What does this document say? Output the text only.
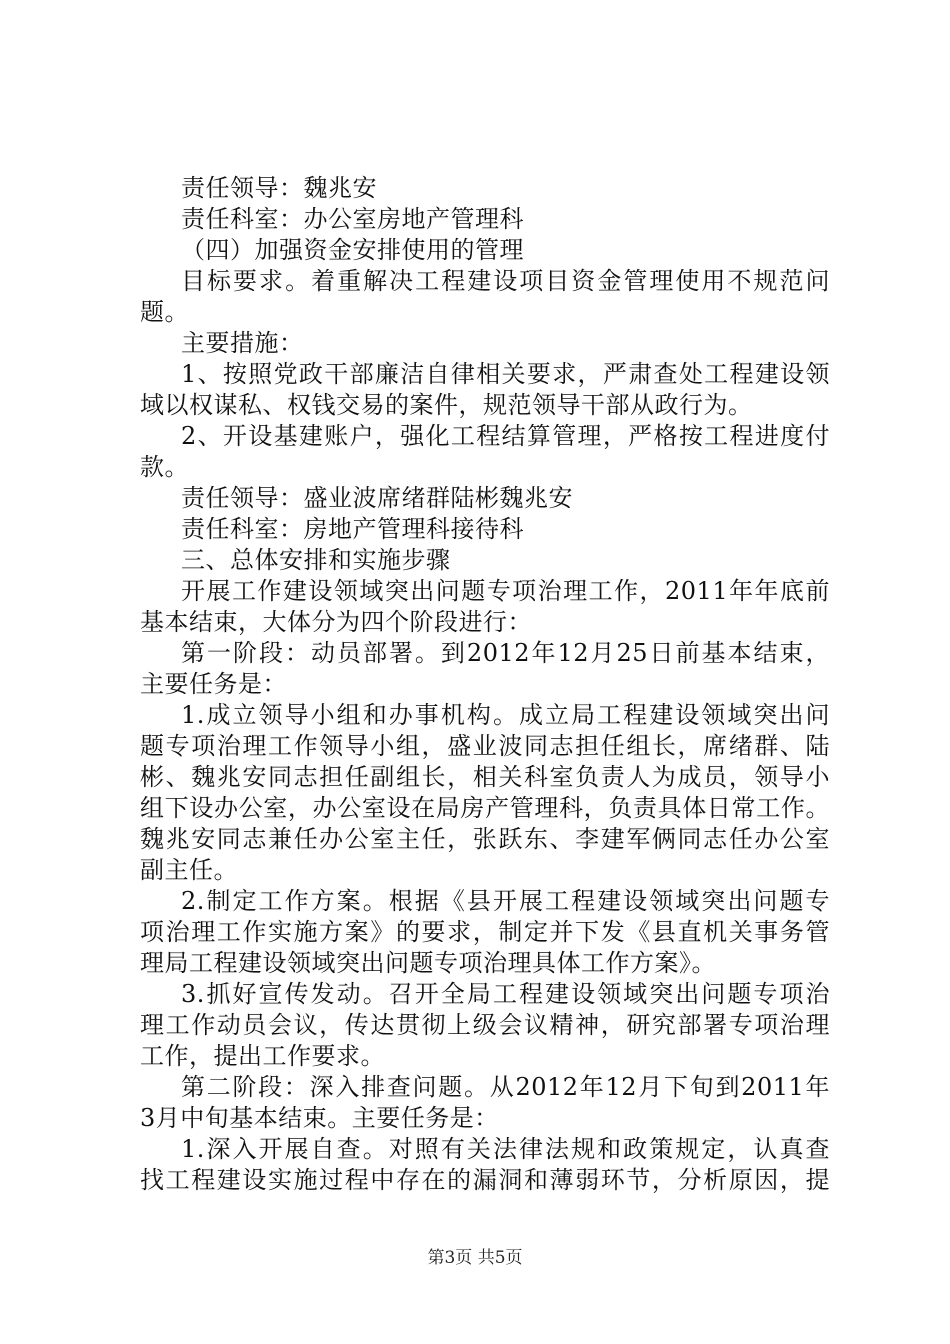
责任领导：魏兆安
责任科室：办公室房地产管理科
（四）加强资金安排使用的管理
目标要求。着重解决工程建设项目资金管理使用不规范问
题。
主要措施：
1、按照党政干部廉洁自律相关要求，严肃查处工程建设领
域以权谋私、权钱交易的案件，规范领导干部从政行为。
2、开设基建账户，强化工程结算管理，严格按工程进度付
款。
责任领导：盛业波席绪群陆彬魏兆安
责任科室：房地产管理科接待科
三、总体安排和实施步骤
开展工作建设领域突出问题专项治理工作，2011年年底前
基本结束，大体分为四个阶段进行：
第一阶段：动员部署。到2012年12月25日前基本结束，
主要任务是：
1.成立领导小组和办事机构。成立局工程建设领域突出问
题专项治理工作领导小组，盛业波同志担任组长，席绪群、陆
彬、魏兆安同志担任副组长，相关科室负责人为成员，领导小
组下设办公室，办公室设在局房产管理科，负责具体日常工作。
魏兆安同志兼任办公室主任，张跃东、李建军俩同志任办公室
副主任。
2.制定工作方案。根据《县开展工程建设领域突出问题专
项治理工作实施方案》的要求，制定并下发《县直机关事务管
理局工程建设领域突出问题专项治理具体工作方案》。
3.抓好宣传发动。召开全局工程建设领域突出问题专项治
理工作动员会议，传达贯彻上级会议精神，研究部署专项治理
工作，提出工作要求。
第二阶段：深入排查问题。从2012年12月下旬到2011年
3月中旬基本结束。主要任务是：
1.深入开展自查。对照有关法律法规和政策规定，认真查
找工程建设实施过程中存在的漏洞和薄弱环节，分析原因，提
第3页 共5页
